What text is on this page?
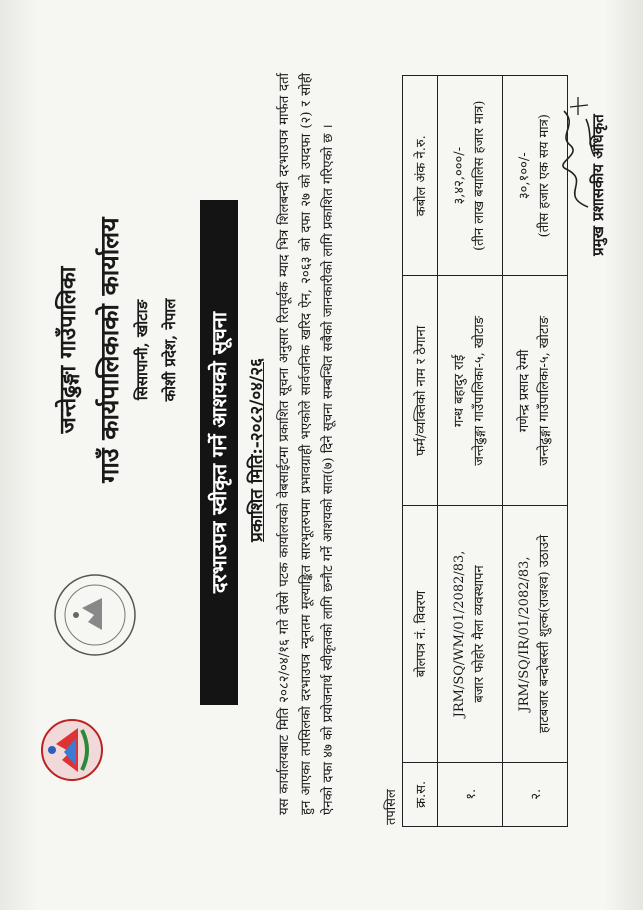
जन्तेढुङ्गा गाउँपालिका गाउँ कार्यपालिकाको कार्यालय सिसापानी, खोटाङ कोशी प्रदेश, नेपाल	दरभाउपत्र स्वीकृत गर्ने आशयको सूचना प्रकाशित मिति:-२०८२/०४/२६ यस कार्यालयबाट मिति २०८२/०४/१६ गते दोस्रो पटक कार्यालयको वेबसाईटमा प्रकाशित सूचना अनुसार रितपूर्वक म्याद भित्र शिलबन्दी दरभाउपत्र मार्फत दर्ता हुन आएका तपसिलको दरभाउपत्र न्यूनतम मूल्याङ्कित सारभूतरुपमा प्रभावग्राही भएकोले सार्वजनिक खरिद ऐन, २०६३ को दफा २७ को उपदफा (२) र सोही ऐनको दफा ४७ को प्रयोजनार्थ स्वीकृतको लागि छनौट गर्ने आशयको सात(७) दिने सूचना सम्बन्धित सबैको जानकारीको लागि प्रकाशित गरिएको छ ।	तपसिल क्र.स.	बोलपत्र नं. विवरण	फर्म/व्यक्तिको नाम र ठेगाना	कबोल अंक ने.रु.
१.	JRM/SQ/WM/01/2082/83, बजार फोहोर मैला व्यवस्थापन	गन्ध बहादुर राई जन्तेढुङ्गा गाउँपालिका-५, खोटाङ	३,४२,०००/- (तीन लाख बयालिस हजार मात्र)

२.	JRM/SQ/IR/01/2082/83, हाटबजार बन्दोबस्ती शुल्क(राजश्व) उठाउने	गणेन्द्र प्रसाद रेग्मी जन्तेढुङ्गा गाउँपालिका-५, खोटाङ	३०,१००/- (तीस हजार एक सय मात्र) प्रमुख प्रशासकीय अधिकृत
